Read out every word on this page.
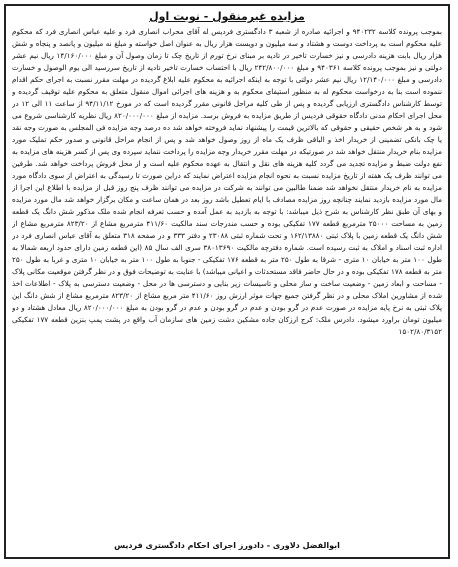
مزایده غیرمنقول - نوبت اول
بموجب پرونده کلاسه ۹۴۰۲۳۲ و اجرائیه صادره از شعبه ۳ دادگستری فردیس له آقای محراب انصاری فرد و علیه عباس انصاری فرد که محکوم علیه محکوم است به پرداخت دوست و هشتاد و سه میلیون و دویست هزار ریال به عنوان اصل خواسته و مبلغ نه میلیون و پانصد و پنجاه و شش هزار ریال بابت هزینه دادرسی و نیز خسارت تاخیر در تادیه بر مبنای نرخ تورم از تاریخ چک تا زمان وصول آن و مبلغ ۱۴/۱۶۰/۰۰۰ ریال نیم عشر دولتی و نیز بموجب پرونده کلاسه ۹۴۰۳۶۱ و مبلغ ۲۴۲/۸۰۰/۰۰۰ ریال با احتساب خسارت تاخیر تادیه از تاریخ سررسید الی یوم الوصول و خسارت دادرسی و مبلغ ۱۲/۱۴۰/۰۰۰ ریال نیم عشر دولتی با توجه به اینکه اجرائیه به محکوم علیه ابلاغ گردیده در مهلت مقرر نسبت به اجرای حکم اقدام ننموده است بنا به درخواست محکوم له به منظور استیفای محکوم به و هزینه های اجرائی اموال منقول متعلق به محکوم علیه توقیف گردیده و توسط کارشناس دادگستری ارزیابی گردیده و پس از طی کلیه مراحل قانونی مقرر گردیده است که در مورخ ۹۴/۱۱/۱۲ از ساعت ۱۱ الی ۱۲ در محل اجرای احکام مدنی دادگاه حقوقی فردیس از طریق مزایده به فروش برسد. مزایده از مبلغ ۸۲۰/۰۰۰/۰۰۰ ریال نظریه کارشناسی شروع می شود و به هر شخص حقیقی و حقوقی که بالاترین قیمت را پیشنهاد نماید فروخته خواهد شد ده درصد وجه مزایده فی المجلس به صورت وجه نقد یا چک بانکی تضمینی از خریدار اخذ و الباقی ظرف یک ماه از روز وصول خواهد شد و پس از انجام مراحل قانونی و صدور حکم تملیک مورد مزایده بنام خریدار منتقل خواهد شد در صورتیکه در مهلت مقرر خریدار وجه مزایده را پرداخت ننماید سپرده وی پس از کسر هزینه های مزایده به نفع دولت ضبط و مزایده تجدید می گردد کلیه هزینه های نقل و انتقال به عهده محکوم علیه است و از محل فروش پرداخت خواهد شد. طرفین می توانند ظرف یک هفته از تاریخ مزایده نسبت به نحوه انجام مزایده اعتراض نمایند که دراین صورت تا رسیدگی به اعتراض از سوی دادگاه مورد مزایده به نام خریدار منتقل نخواهد شد ضمنا طالبین می توانند به شرکت در مزایده می توانند ظرف پنج روز قبل از مزایده با اطلاع این اجرا از مال مورد مزایده بازدید نمایند چنانچه روز مزایده مصادف با ایام تعطیل باشد روز بعد در همان ساعت و مکان برگزار خواهد شد مال مورد مزایده و بهای آن طبق نظر کارشناس به شرح ذیل میباشد: با توجه به بازدید به عمل آمده و حسب تعرفه انجام شده ملک مذکور شش دانگ یک قطعه زمین به مساحت ۲۵۰۰۰ مترمربع قطعه ۱۷۷ تفکیکی بوده و حسب مندرجات سند مالکیت ۴۱۱/۶۰ مترمربع مشاع از ۸۲۳/۲۰ مترمربع مشاع از شش دانگ یک قطعه زمین با پلاک ثبتی ۱۶۲/۱۳۸۸۰ و تحت شماره ثبتی ۲۳۰۸۸ و دفتر ۳۳۳ و در صفحه ۳۱۸ متعلق به آقای عباس انصاری فرد در اداره ثبت اسناد و املاک به ثبت رسیده است. شماره دفترچه مالکیت ۳۸۰۱۳۶۹۰ سری الف سال ۸۵ (این قطعه زمین دارای حدود اربعه شمالا به طول ۱۰۰ متر به خیابان ۱۰ متری - شرقا به طول ۲۵۰ متر به قطعه ۱۷۶ تفکیکی - جنوبا به طول ۱۰۰ متر به خیابان ۱۰ متری و غربا به طول ۲۵۰ متر به قطعه ۱۷۸ تفکیکی بوده و در حال حاضر فاقد مستحدثات و اعیانی میباشد) با عنایت به توضیحات فوق و در نظر گرفتن موقعیت مکانی پلاک - مساحت و ابعاد زمین - وضعیت ساخت و ساز محلی و تاسیسات زیر بنایی و دسترسی ها در محل - وضعیت دسترسی به پلاک - اطلاعات اخذ شده از مشاورین املاک محلی و در نظر گرفتن جمیع جهات موثر ارزش روز ۴۱۱/۶۰ متر مربع مشاع از ۸۲۳/۲۰ مترمربع مشاع از شش دانگ این پلاک ثبتی به نرخ پایه مزایده در صورت عدم در گرو بودن و عدم در گرو بودن و عدم در گرو بودن به مبلغ ۸۲۰/۰۰۰/۰۰۰ ریال معادل هشتاد و دو میلیون تومان براورد میشود. دادرس ملک: کرج ارزکان جاده مشکین دشت زمین های سازمان آب واقع در پشت پمپ بنزین قطعه ۱۷۷ تفکیکی ۱۵۰۲/۸۰/۳۱۵۲
ابوالفضل دلاوری - دادورز اجرای احکام دادگستری فردیس
